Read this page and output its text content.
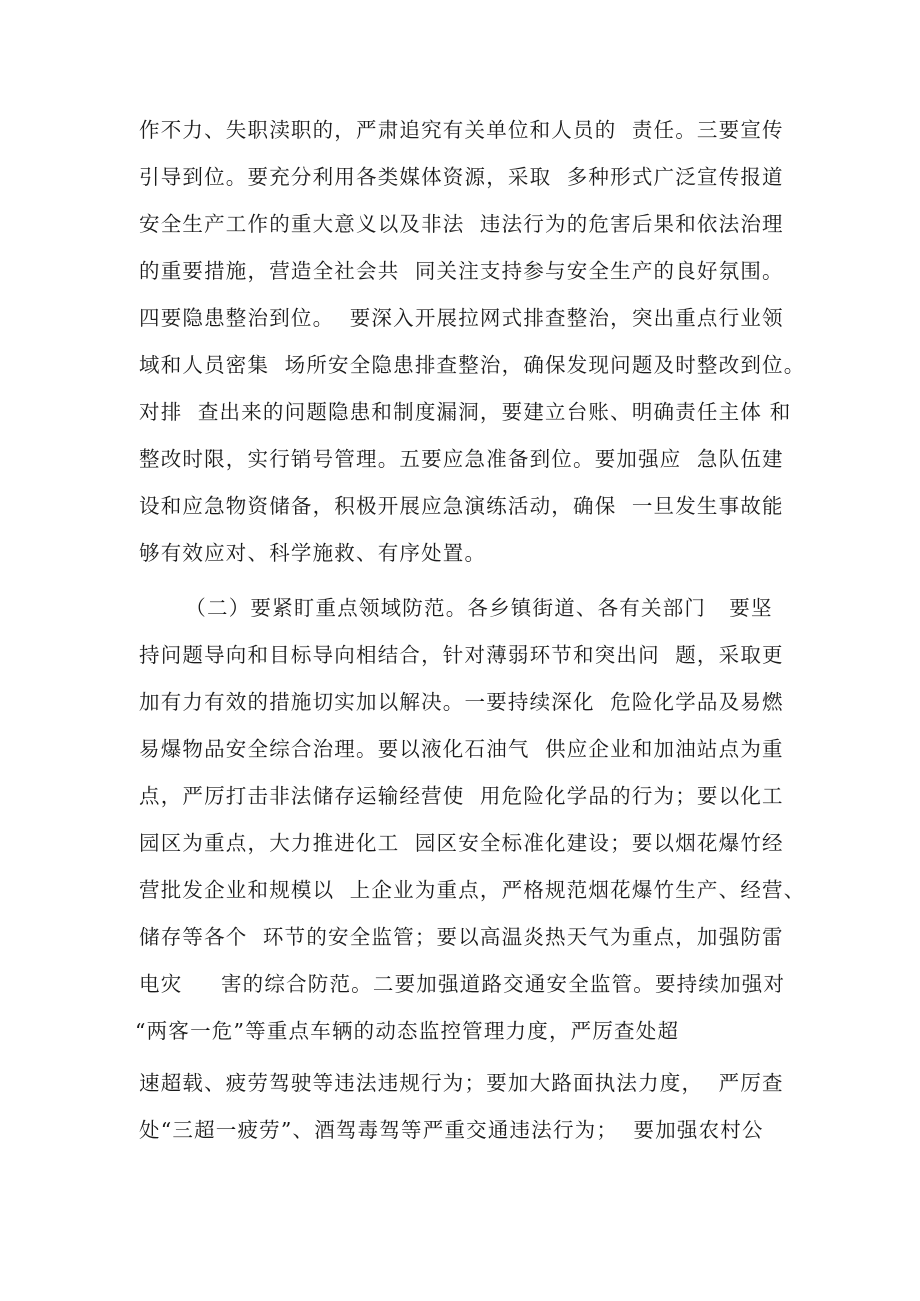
作不力、失职渎职的，严肃追究有关单位和人员的  责任。三要宣传
引导到位。要充分利用各类媒体资源，采取  多种形式广泛宣传报道
安全生产工作的重大意义以及非法  违法行为的危害后果和依法治理
的重要措施，营造全社会共  同关注支持参与安全生产的良好氛围。
四要隐患整治到位。  要深入开展拉网式排查整治，突出重点行业领
域和人员密集  场所安全隐患排查整治，确保发现问题及时整改到位。
对排  查出来的问题隐患和制度漏洞，要建立台账、明确责任主体 和
整改时限，实行销号管理。五要应急准备到位。要加强应  急队伍建
设和应急物资储备，积极开展应急演练活动，确保  一旦发生事故能
够有效应对、科学施救、有序处置。
（二）要紧盯重点领域防范。各乡镇街道、各有关部门   要坚
持问题导向和目标导向相结合，针对薄弱环节和突出问  题，采取更
加有力有效的措施切实加以解决。一要持续深化  危险化学品及易燃
易爆物品安全综合治理。要以液化石油气  供应企业和加油站点为重
点，严厉打击非法储存运输经营使  用危险化学品的行为；要以化工
园区为重点，大力推进化工  园区安全标准化建设；要以烟花爆竹经
营批发企业和规模以  上企业为重点，严格规范烟花爆竹生产、经营、
储存等各个  环节的安全监管；要以高温炎热天气为重点，加强防雷
电灾     害的综合防范。二要加强道路交通安全监管。要持续加强对
“两客一危”等重点车辆的动态监控管理力度，严厉查处超
速超载、疲劳驾驶等违法违规行为；要加大路面执法力度，  严厉查
处“三超一疲劳”、酒驾毒驾等严重交通违法行为；  要加强农村公
